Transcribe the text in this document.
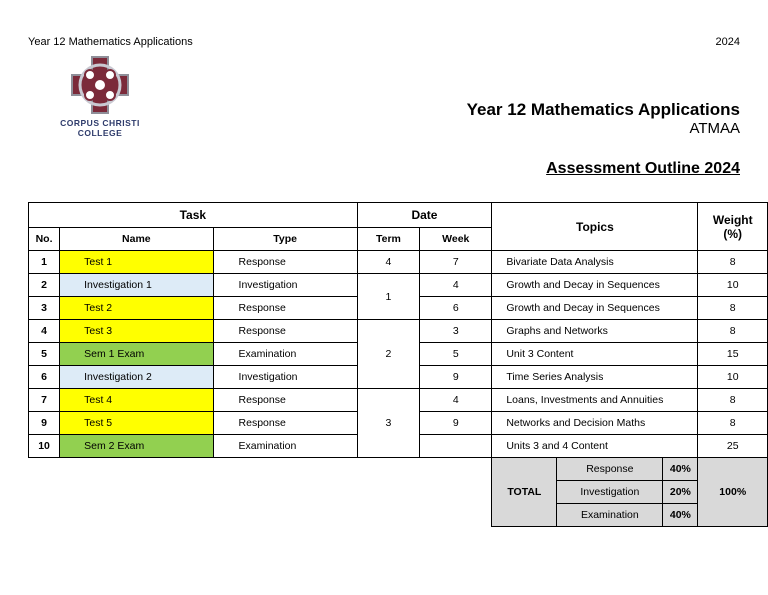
Year 12 Mathematics Applications	2024
CORPUS CHRISTI
COLLEGE
Year 12 Mathematics Applications
ATMAA
Assessment Outline 2024
Task	Date	Topics	Weight (%)
No.	Name	Type	Term	Week
1	Test 1	Response	4	7	Bivariate Data Analysis	8
2	Investigation 1	Investigation	1	4	Growth and Decay in Sequences	10
3	Test 2	Response	6	Growth and Decay in Sequences	8
4	Test 3	Response	2	3	Graphs and Networks	8
5	Sem 1 Exam	Examination	5	Unit 3 Content	15
6	Investigation 2	Investigation	9	Time Series Analysis	10
7	Test 4	Response	3	4	Loans, Investments and Annuities	8
9	Test 5	Response	9	Networks and Decision Maths	8
10	Sem 2 Exam	Examination		Units 3 and 4 Content	25

TOTAL	Response	40%
Investigation	20%
Examination	40%
	100%
